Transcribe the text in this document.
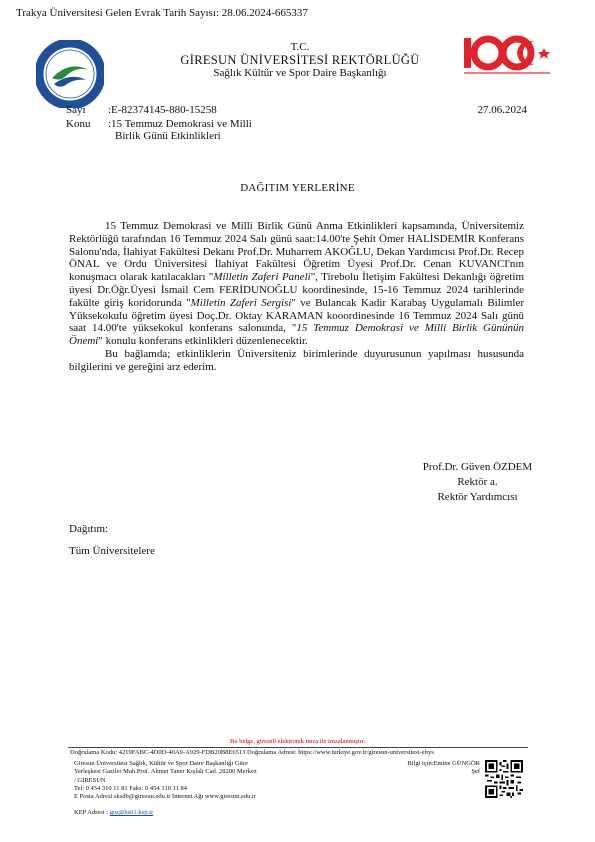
Trakya Üniversitesi Gelen Evrak Tarih Sayısı: 28.06.2024-665337
T.C.
GİRESUN ÜNİVERSİTESİ REKTÖRLÜĞÜ
Sağlık Kültür ve Spor Daire Başkanlığı
Sayı :E-82374145-880-15258	27.06.2024
Konu :15 Temmuz Demokrasi ve Milli
Birlik Günü Etkinlikleri
DAĞITIM YERLERİNE

15 Temmuz Demokrasi ve Milli Birlik Günü Anma Etkinlikleri kapsamında, Üniversitemiz Rektörlüğü tarafından 16 Temmuz 2024 Salı günü saat:14.00'te Şehit Ömer HALİSDEMİR Konferans Salonu'nda, İlahiyat Fakültesi Dekanı Prof.Dr. Muharrem AKOĞLU, Dekan Yardımcısı Prof.Dr. Recep ÖNAL ve Ordu Üniversitesi İlahiyat Fakültesi Öğretim Üyesi Prof.Dr. Cenan KUVANCI'nın konuşmacı olarak katılacakları "Milletin Zaferi Paneli", Tirebolu İletişim Fakültesi Dekanlığı öğretim üyesi Dr.Öğr.Üyesi İsmail Cem FERİDUNOĞLU koordinesinde, 15-16 Temmuz 2024 tarihlerinde fakülte giriş koridorunda "Milletin Zaferi Sergisi" ve Bulancak Kadir Karabaş Uygulamalı Bilimler Yüksekokulu öğretim üyesi Doç.Dr. Oktay KARAMAN kooordinesinde 16 Temmuz 2024 Salı günü saat 14.00'te yüksekokul konferans salonunda, "15 Temmuz Demokrasi ve Milli Birlik Gününün Önemi" konulu konferans etkinlikleri düzenlenecektir.

Bu bağlamda; etkinliklerin Üniversiteniz birimlerinde duyurusunun yapılması hususunda bilgilerini ve gereğini arz ederim.

Prof.Dr. Güven ÖZDEM
Rektör a.
Rektör Yardımcısı
Dağıtım:
Tüm Üniversitelere
Bu belge, güvenli elektronik imza ile imzalanmıştır.
Doğrulama Kodu: 4219FABC-4D0D-40A9-A929-FDB20B8E6513 Doğrulama Adresi: https://www.turkiye.gov.tr/giresun-universitesi-ebys
Giresun Üniversitesi Sağlık, Kültür ve Spor Daire Başkanlığı Güre
Yerleşkesi Gaziler Mah.Prof. Ahmet Taner Kışlalı Cad. 28200 Merkez
/ GİRESUN
Tel: 0 454 310 11 81 Faks: 0 454 310 11 84
E Posta Adresi sksdb@giresun.edu.tr İnternet Ağı www.giresun.edu.tr
Bilgi için:Emine GÜNGÖR
Şef
KEP Adresi : gru@hs01.kep.tr
